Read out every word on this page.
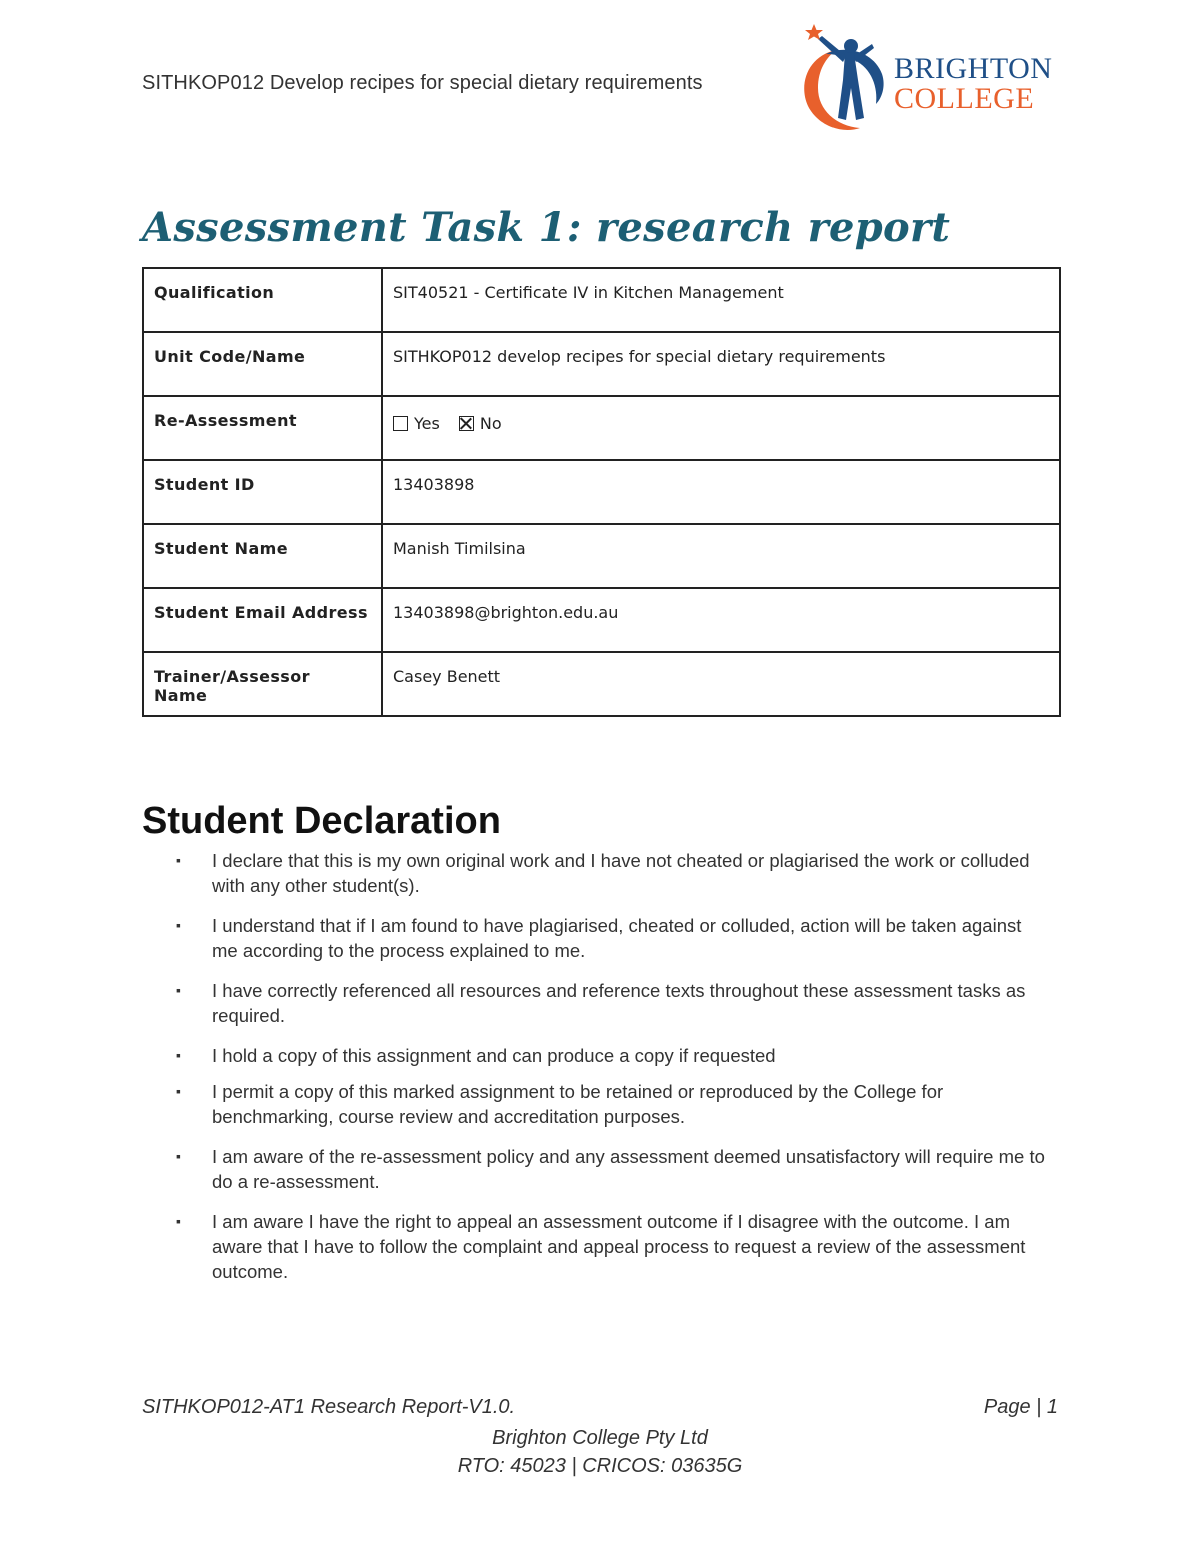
SITHKOP012 Develop recipes for special dietary requirements	BRIGHTON
COLLEGE
Assessment Task 1: research report
Qualification	SIT40521 - Certificate IV in Kitchen Management
Unit Code/Name	SITHKOP012 develop recipes for special dietary requirements
Re-Assessment	Yes No
Student ID	13403898
Student Name	Manish Timilsina
Student Email Address	13403898@brighton.edu.au
Trainer/Assessor Name	Casey Benett
Student Declaration
▪ I declare that this is my own original work and I have not cheated or plagiarised the work or colluded with any other student(s).
▪ I understand that if I am found to have plagiarised, cheated or colluded, action will be taken against me according to the process explained to me.
▪ I have correctly referenced all resources and reference texts throughout these assessment tasks as required.
▪ I hold a copy of this assignment and can produce a copy if requested
▪ I permit a copy of this marked assignment to be retained or reproduced by the College for benchmarking, course review and accreditation purposes.
▪ I am aware of the re-assessment policy and any assessment deemed unsatisfactory will require me to do a re-assessment.
▪ I am aware I have the right to appeal an assessment outcome if I disagree with the outcome. I am aware that I have to follow the complaint and appeal process to request a review of the assessment outcome.
SITHKOP012-AT1 Research Report-V1.0.	Page | 1
Brighton College Pty Ltd
RTO: 45023 | CRICOS: 03635G
